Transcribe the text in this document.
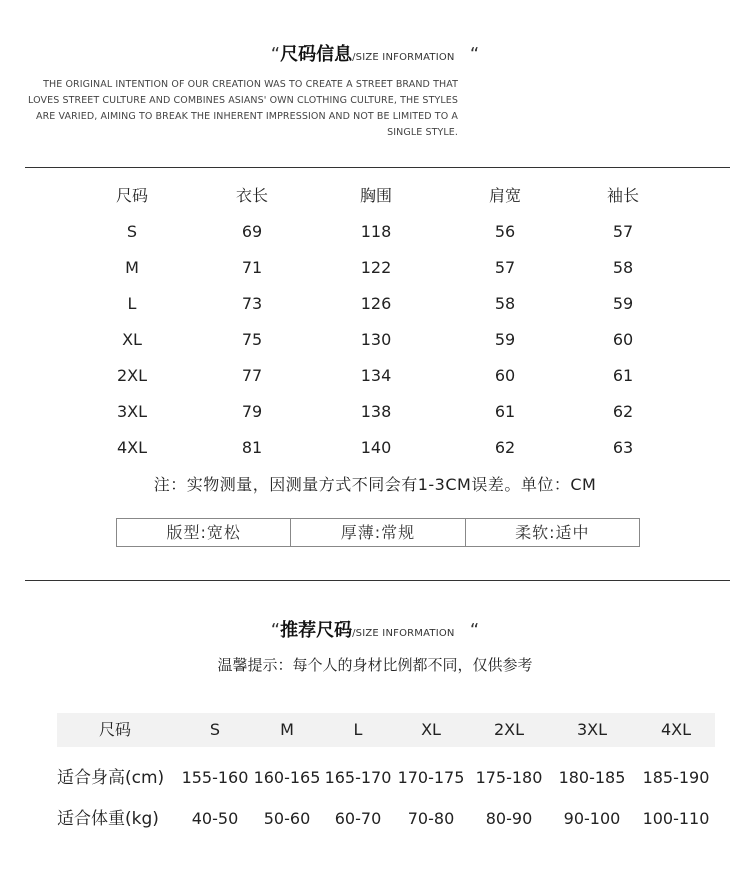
“尺码信息/SIZE INFORMATION “
THE ORIGINAL INTENTION OF OUR CREATION WAS TO CREATE A STREET BRAND THAT LOVES STREET CULTURE AND COMBINES ASIANS' OWN CLOTHING CULTURE, THE STYLES ARE VARIED, AIMING TO BREAK THE INHERENT IMPRESSION AND NOT BE LIMITED TO A SINGLE STYLE.
尺码	衣长	胸围	肩宽	袖长
S	69	118	56	57
M	71	122	57	58
L	73	126	58	59
XL	75	130	59	60
2XL	77	134	60	61
3XL	79	138	61	62
4XL	81	140	62	63
注：实物测量，因测量方式不同会有1-3CM误差。单位：CM
版型:宽松	厚薄:常规	柔软:适中
“推荐尺码/SIZE INFORMATION “
温馨提示：每个人的身材比例都不同，仅供参考
尺码	S	M	L	XL	2XL	3XL	4XL
适合身高(cm)	155-160 160-165 165-170 170-175 175-180	180-185	185-190
适合体重(kg)	40-50	50-60	60-70	70-80	80-90	90-100	100-110
